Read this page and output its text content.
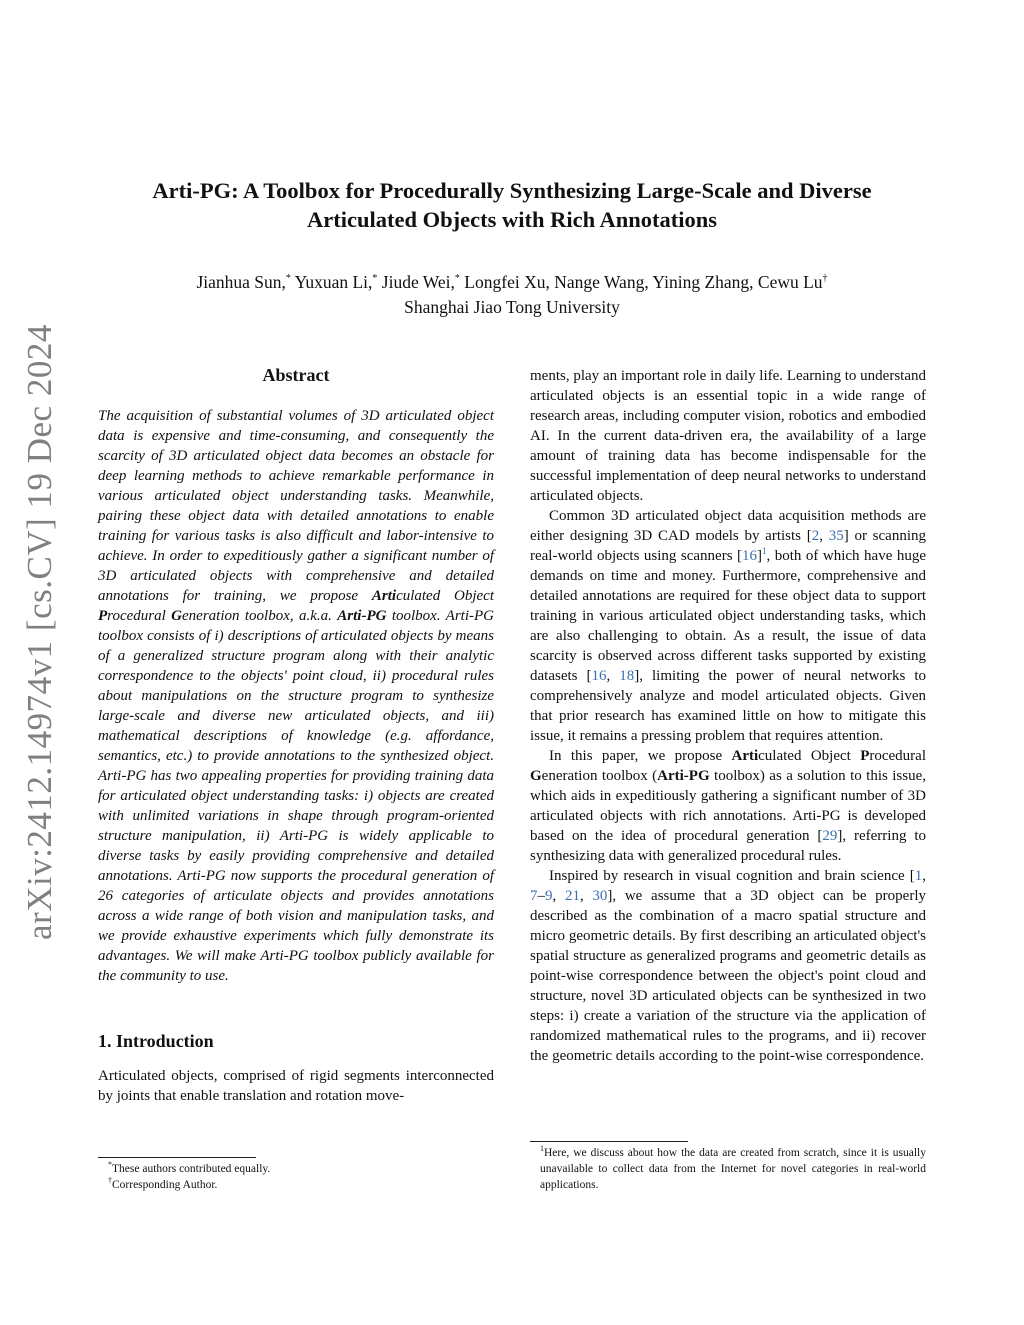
arXiv:2412.14974v1 [cs.CV] 19 Dec 2024
Arti-PG: A Toolbox for Procedurally Synthesizing Large-Scale and Diverse
Articulated Objects with Rich Annotations
Jianhua Sun,* Yuxuan Li,* Jiude Wei,* Longfei Xu, Nange Wang, Yining Zhang, Cewu Lu†
Shanghai Jiao Tong University
Abstract

The acquisition of substantial volumes of 3D articulated object data is expensive and time-consuming, and consequently the scarcity of 3D articulated object data becomes an obstacle for deep learning methods to achieve remarkable performance in various articulated object understanding tasks. Meanwhile, pairing these object data with detailed annotations to enable training for various tasks is also difficult and labor-intensive to achieve. In order to expeditiously gather a significant number of 3D articulated objects with comprehensive and detailed annotations for training, we propose Articulated Object Procedural Generation toolbox, a.k.a. Arti-PG toolbox. Arti-PG toolbox consists of i) descriptions of articulated objects by means of a generalized structure program along with their analytic correspondence to the objects' point cloud, ii) procedural rules about manipulations on the structure program to synthesize large-scale and diverse new articulated objects, and iii) mathematical descriptions of knowledge (e.g. affordance, semantics, etc.) to provide annotations to the synthesized object. Arti-PG has two appealing properties for providing training data for articulated object understanding tasks: i) objects are created with unlimited variations in shape through program-oriented structure manipulation, ii) Arti-PG is widely applicable to diverse tasks by easily providing comprehensive and detailed annotations. Arti-PG now supports the procedural generation of 26 categories of articulate objects and provides annotations across a wide range of both vision and manipulation tasks, and we provide exhaustive experiments which fully demonstrate its advantages. We will make Arti-PG toolbox publicly available for the community to use.

1. Introduction

Articulated objects, comprised of rigid segments interconnected by joints that enable translation and rotation move-

ments, play an important role in daily life. Learning to understand articulated objects is an essential topic in a wide range of research areas, including computer vision, robotics and embodied AI. In the current data-driven era, the availability of a large amount of training data has become indispensable for the successful implementation of deep neural networks to understand articulated objects.

Common 3D articulated object data acquisition methods are either designing 3D CAD models by artists [2, 35] or scanning real-world objects using scanners [16]$^1$, both of which have huge demands on time and money. Furthermore, comprehensive and detailed annotations are required for these object data to support training in various articulated object understanding tasks, which are also challenging to obtain. As a result, the issue of data scarcity is observed across different tasks supported by existing datasets [16, 18], limiting the power of neural networks to comprehensively analyze and model articulated objects. Given that prior research has examined little on how to mitigate this issue, it remains a pressing problem that requires attention.

In this paper, we propose Articulated Object Procedural Generation toolbox (Arti-PG toolbox) as a solution to this issue, which aids in expeditiously gathering a significant number of 3D articulated objects with rich annotations. Arti-PG is developed based on the idea of procedural generation [29], referring to synthesizing data with generalized procedural rules.

Inspired by research in visual cognition and brain science [1, 7–9, 21, 30], we assume that a 3D object can be properly described as the combination of a macro spatial structure and micro geometric details. By first describing an articulated object's spatial structure as generalized programs and geometric details as point-wise correspondence between the object's point cloud and structure, novel 3D articulated objects can be synthesized in two steps: i) create a variation of the structure via the application of randomized mathematical rules to the programs, and ii) recover the geometric details according to the point-wise correspondence.

*These authors contributed equally.

†Corresponding Author.

$^1$Here, we discuss about how the data are created from scratch, since it is usually unavailable to collect data from the Internet for novel categories in real-world applications.
